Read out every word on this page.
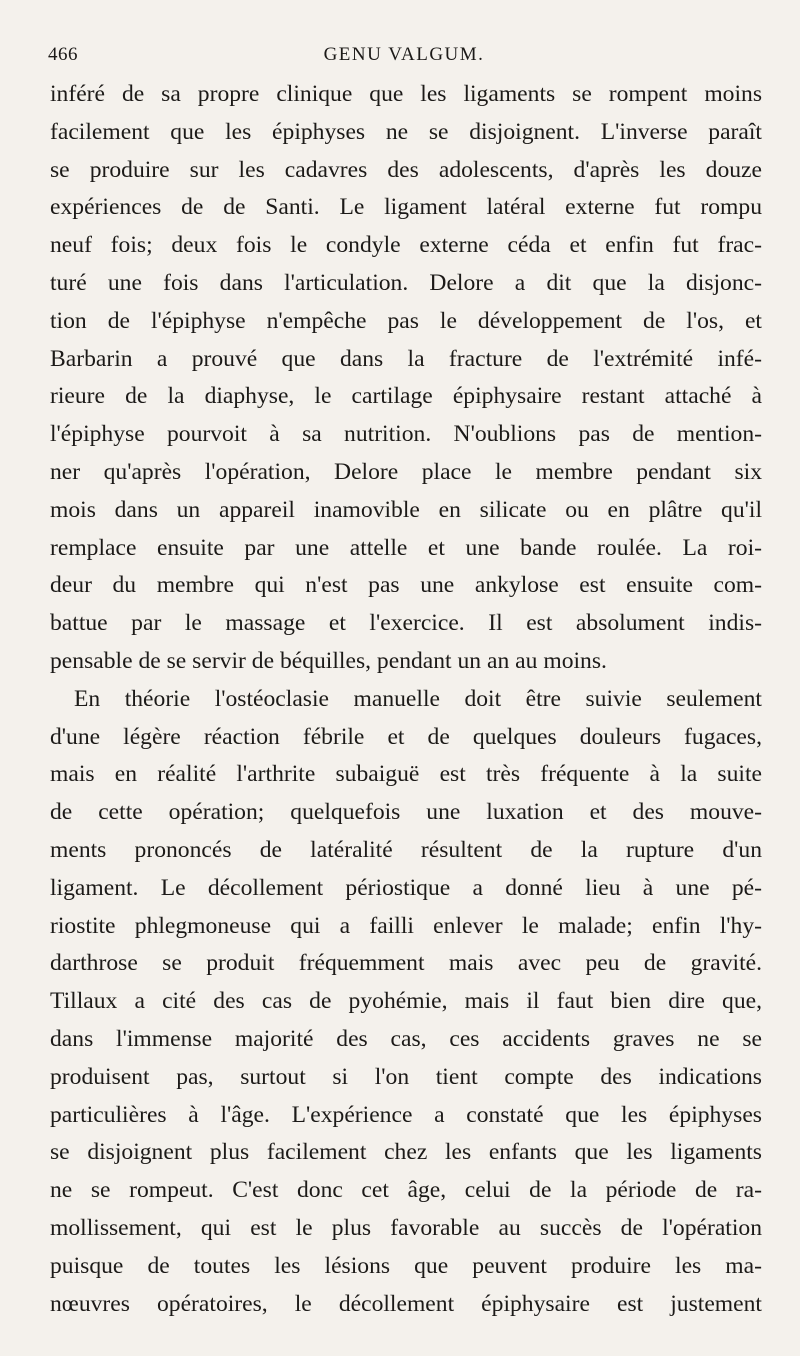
466	GENU VALGUM.
inféré de sa propre clinique que les ligaments se rompent moins
facilement que les épiphyses ne se disjoignent. L'inverse paraît
se produire sur les cadavres des adolescents, d'après les douze
expériences de de Santi. Le ligament latéral externe fut rompu
neuf fois; deux fois le condyle externe céda et enfin fut frac-
turé une fois dans l'articulation. Delore a dit que la disjonc-
tion de l'épiphyse n'empêche pas le développement de l'os, et
Barbarin a prouvé que dans la fracture de l'extrémité infé-
rieure de la diaphyse, le cartilage épiphysaire restant attaché à
l'épiphyse pourvoit à sa nutrition. N'oublions pas de mention-
ner qu'après l'opération, Delore place le membre pendant six
mois dans un appareil inamovible en silicate ou en plâtre qu'il
remplace ensuite par une attelle et une bande roulée. La roi-
deur du membre qui n'est pas une ankylose est ensuite com-
battue par le massage et l'exercice. Il est absolument indis-
pensable de se servir de béquilles, pendant un an au moins.
En théorie l'ostéoclasie manuelle doit être suivie seulement
d'une légère réaction fébrile et de quelques douleurs fugaces,
mais en réalité l'arthrite subaiguë est très fréquente à la suite
de cette opération; quelquefois une luxation et des mouve-
ments prononcés de latéralité résultent de la rupture d'un
ligament. Le décollement périostique a donné lieu à une pé-
riostite phlegmoneuse qui a failli enlever le malade; enfin l'hy-
darthrose se produit fréquemment mais avec peu de gravité.
Tillaux a cité des cas de pyohémie, mais il faut bien dire que,
dans l'immense majorité des cas, ces accidents graves ne se
produisent pas, surtout si l'on tient compte des indications
particulières à l'âge. L'expérience a constaté que les épiphyses
se disjoignent plus facilement chez les enfants que les ligaments
ne se rompeut. C'est donc cet âge, celui de la période de ra-
mollissement, qui est le plus favorable au succès de l'opération
puisque de toutes les lésions que peuvent produire les ma-
nœuvres opératoires, le décollement épiphysaire est justement
